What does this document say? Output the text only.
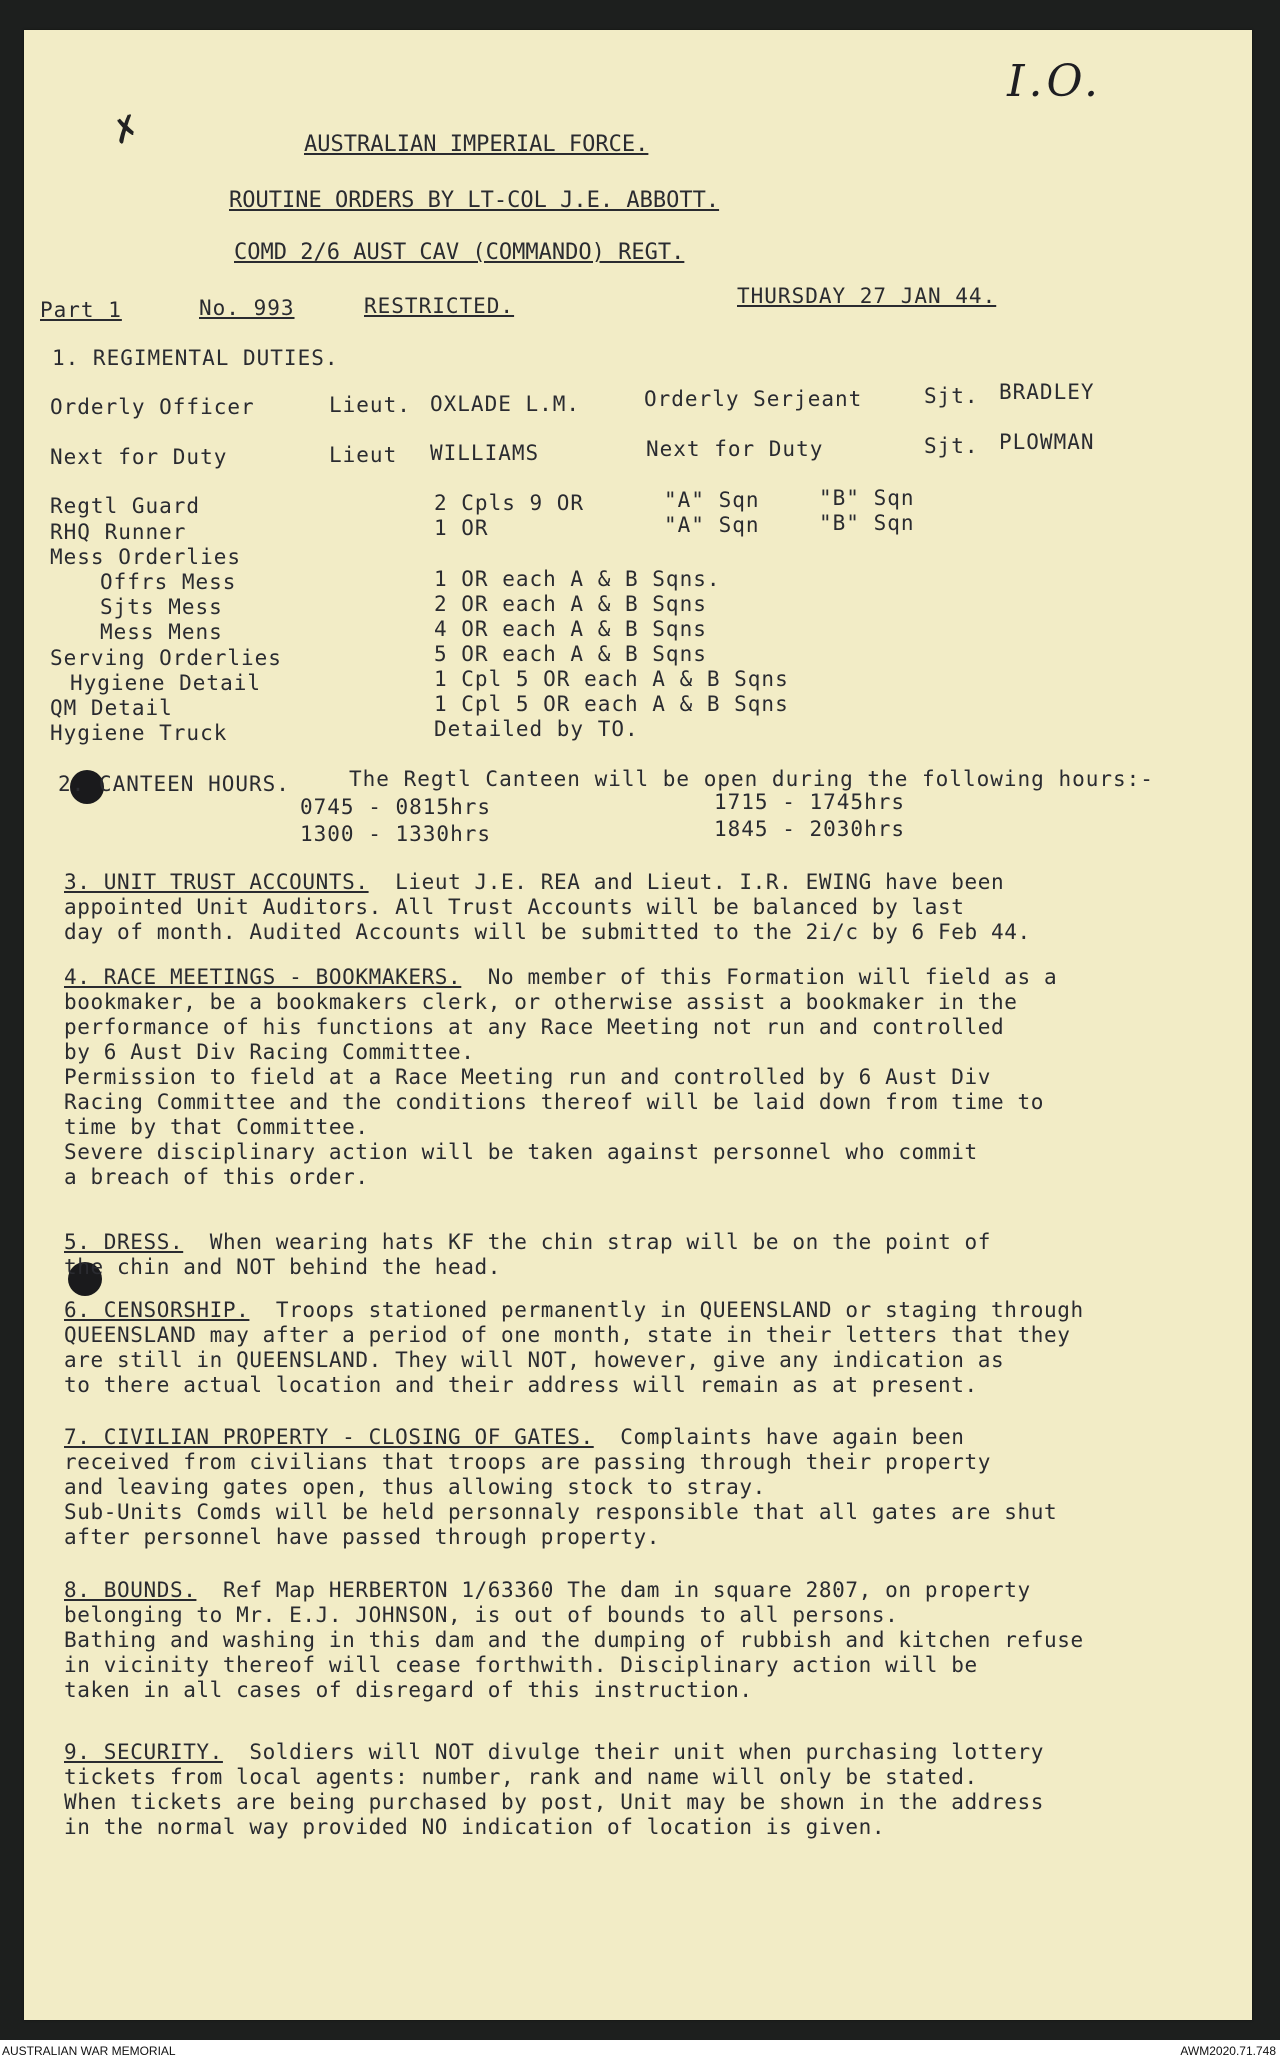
I.O.
✗	AUSTRALIAN IMPERIAL FORCE.
ROUTINE ORDERS BY LT-COL J.E. ABBOTT.
COMD 2/6 AUST CAV (COMMANDO) REGT.
Part 1	No. 993	RESTRICTED.	THURSDAY 27 JAN 44.
1. REGIMENTAL DUTIES.
Orderly Officer	Lieut. OXLADE L.M.	Orderly Serjeant	Sjt. BRADLEY
Next for Duty	Lieut WILLIAMS	Next for Duty	Sjt. PLOWMAN
Regtl Guard	2 Cpls 9 OR	"A" Sqn	"B" Sqn
RHQ Runner	1 OR	"A" Sqn	"B" Sqn
Mess Orderlies
Offrs Mess	1 OR each A & B Sqns.
Sjts Mess	2 OR each A & B Sqns
Mess Mens	4 OR each A & B Sqns
Serving Orderlies	5 OR each A & B Sqns
Hygiene Detail	1 Cpl 5 OR each A & B Sqns
QM Detail	1 Cpl 5 OR each A & B Sqns
Hygiene Truck	Detailed by TO.
2. CANTEEN HOURS.	The Regtl Canteen will be open during the following hours:-
0745 - 0815hrs	1715 - 1745hrs
1300 - 1330hrs	1845 - 2030hrs

3. UNIT TRUST ACCOUNTS. Lieut J.E. REA and Lieut. I.R. EWING have been

appointed Unit Auditors. All Trust Accounts will be balanced by last

day of month. Audited Accounts will be submitted to the 2i/c by 6 Feb 44.

4. RACE MEETINGS - BOOKMAKERS. No member of this Formation will field as a

bookmaker, be a bookmakers clerk, or otherwise assist a bookmaker in the

performance of his functions at any Race Meeting not run and controlled

by 6 Aust Div Racing Committee.

Permission to field at a Race Meeting run and controlled by 6 Aust Div

Racing Committee and the conditions thereof will be laid down from time to

time by that Committee.

Severe disciplinary action will be taken against personnel who commit

a breach of this order.

5. DRESS. When wearing hats KF the chin strap will be on the point of

the chin and NOT behind the head.

6. CENSORSHIP. Troops stationed permanently in QUEENSLAND or staging through

QUEENSLAND may after a period of one month, state in their letters that they

are still in QUEENSLAND. They will NOT, however, give any indication as

to there actual location and their address will remain as at present.

7. CIVILIAN PROPERTY - CLOSING OF GATES. Complaints have again been

received from civilians that troops are passing through their property

and leaving gates open, thus allowing stock to stray.

Sub-Units Comds will be held personnaly responsible that all gates are shut

after personnel have passed through property.

8. BOUNDS. Ref Map HERBERTON 1/63360 The dam in square 2807, on property

belonging to Mr. E.J. JOHNSON, is out of bounds to all persons.

Bathing and washing in this dam and the dumping of rubbish and kitchen refuse

in vicinity thereof will cease forthwith. Disciplinary action will be

taken in all cases of disregard of this instruction.

9. SECURITY. Soldiers will NOT divulge their unit when purchasing lottery

tickets from local agents: number, rank and name will only be stated.

When tickets are being purchased by post, Unit may be shown in the address

in the normal way provided NO indication of location is given.

AUSTRALIAN WAR MEMORIAL	AWM2020.71.748
